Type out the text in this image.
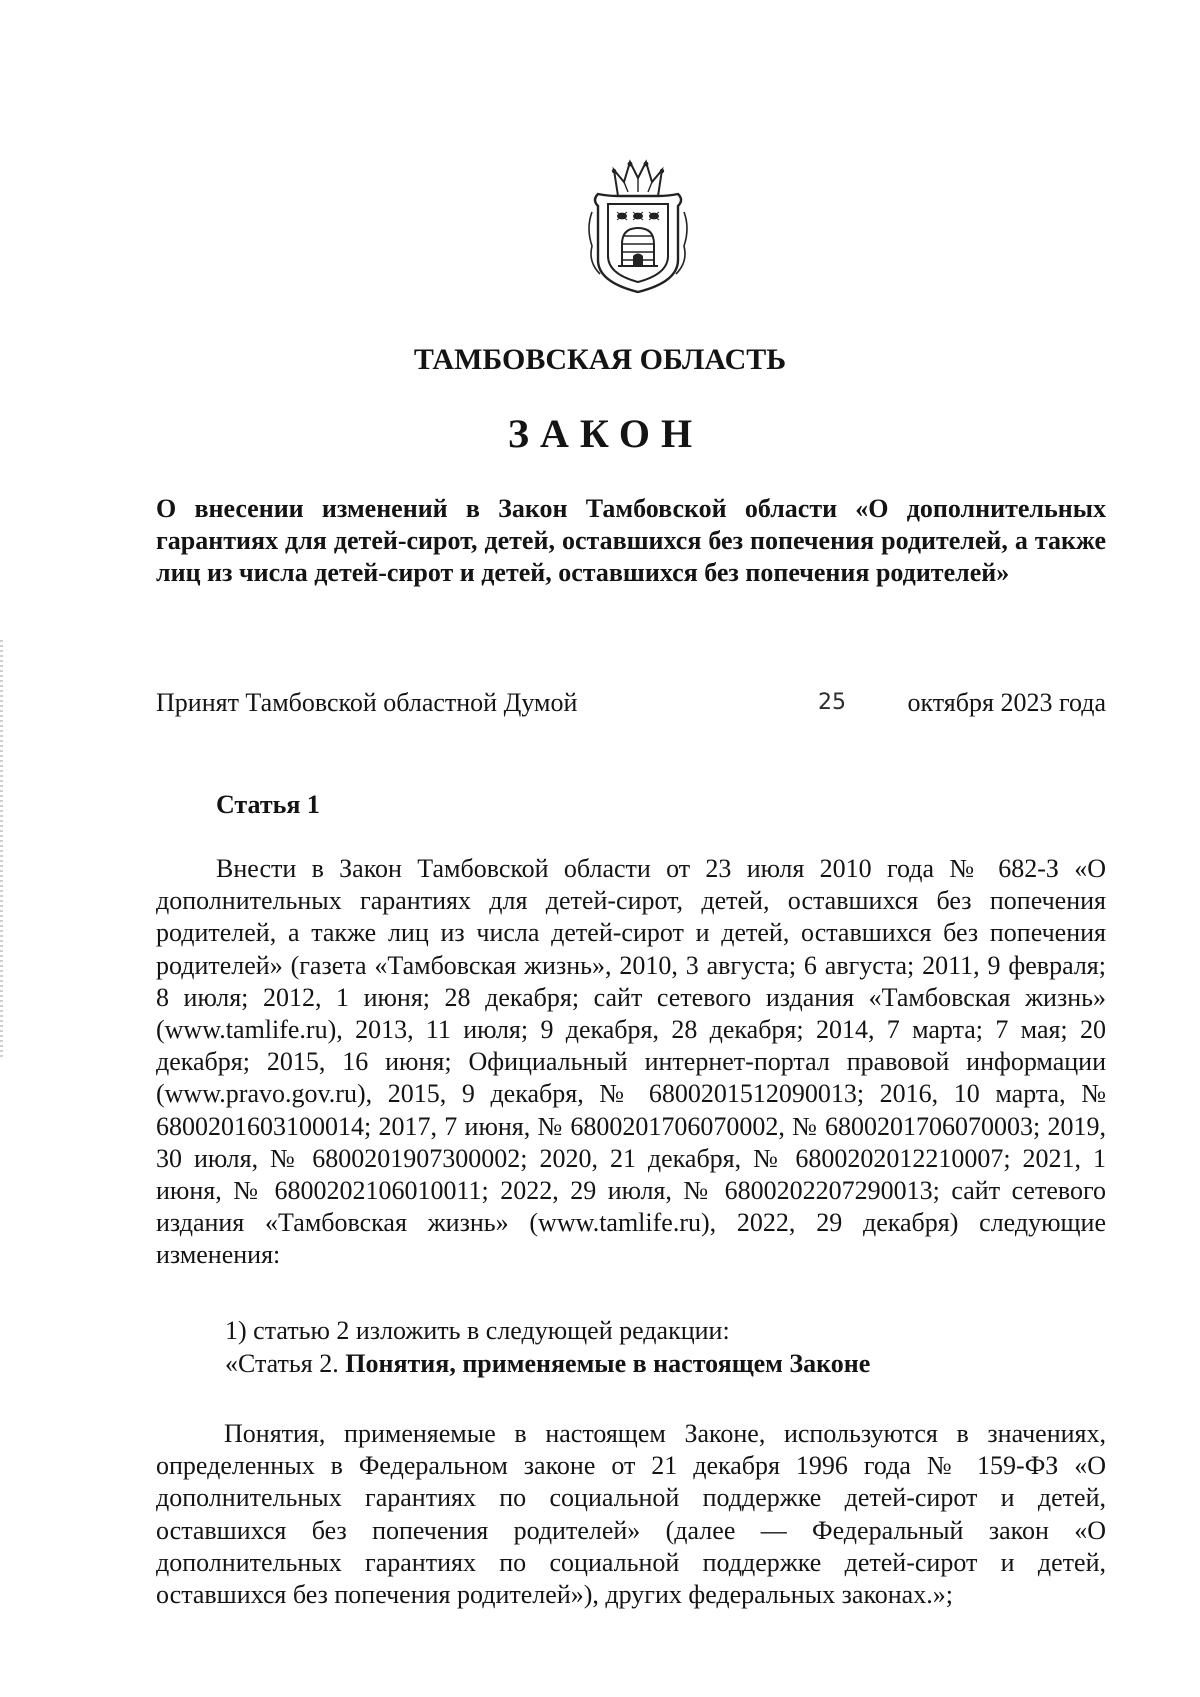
ТАМБОВСКАЯ ОБЛАСТЬ
ЗАКОН
О внесении изменений в Закон Тамбовской области «О дополнительных гарантиях для детей-сирот, детей, оставшихся без попечения родителей, а также лиц из числа детей-сирот и детей, оставшихся без попечения родителей»
Принят Тамбовской областной Думой	25 октября 2023 года
Статья 1
Внести в Закон Тамбовской области от 23 июля 2010 года № 682-З «О дополнительных гарантиях для детей-сирот, детей, оставшихся без попечения родителей, а также лиц из числа детей-сирот и детей, оставшихся без попечения родителей» (газета «Тамбовская жизнь», 2010, 3 августа; 6 августа; 2011, 9 февраля; 8 июля; 2012, 1 июня; 28 декабря; сайт сетевого издания «Тамбовская жизнь» (www.tamlife.ru), 2013, 11 июля; 9 декабря, 28 декабря; 2014, 7 марта; 7 мая; 20 декабря; 2015, 16 июня; Официальный интернет-портал правовой информации (www.pravo.gov.ru), 2015, 9 декабря, № 6800201512090013; 2016, 10 марта, № 6800201603100014; 2017, 7 июня, № 6800201706070002, № 6800201706070003; 2019, 30 июля, № 6800201907300002; 2020, 21 декабря, № 6800202012210007; 2021, 1 июня, № 6800202106010011; 2022, 29 июля, № 6800202207290013; сайт сетевого издания «Тамбовская жизнь» (www.tamlife.ru), 2022, 29 декабря) следующие изменения:
1) статью 2 изложить в следующей редакции:
«Статья 2. Понятия, применяемые в настоящем Законе
Понятия, применяемые в настоящем Законе, используются в значениях, определенных в Федеральном законе от 21 декабря 1996 года № 159-ФЗ «О дополнительных гарантиях по социальной поддержке детей-сирот и детей, оставшихся без попечения родителей» (далее — Федеральный закон «О дополнительных гарантиях по социальной поддержке детей-сирот и детей, оставшихся без попечения родителей»), других федеральных законах.»;
